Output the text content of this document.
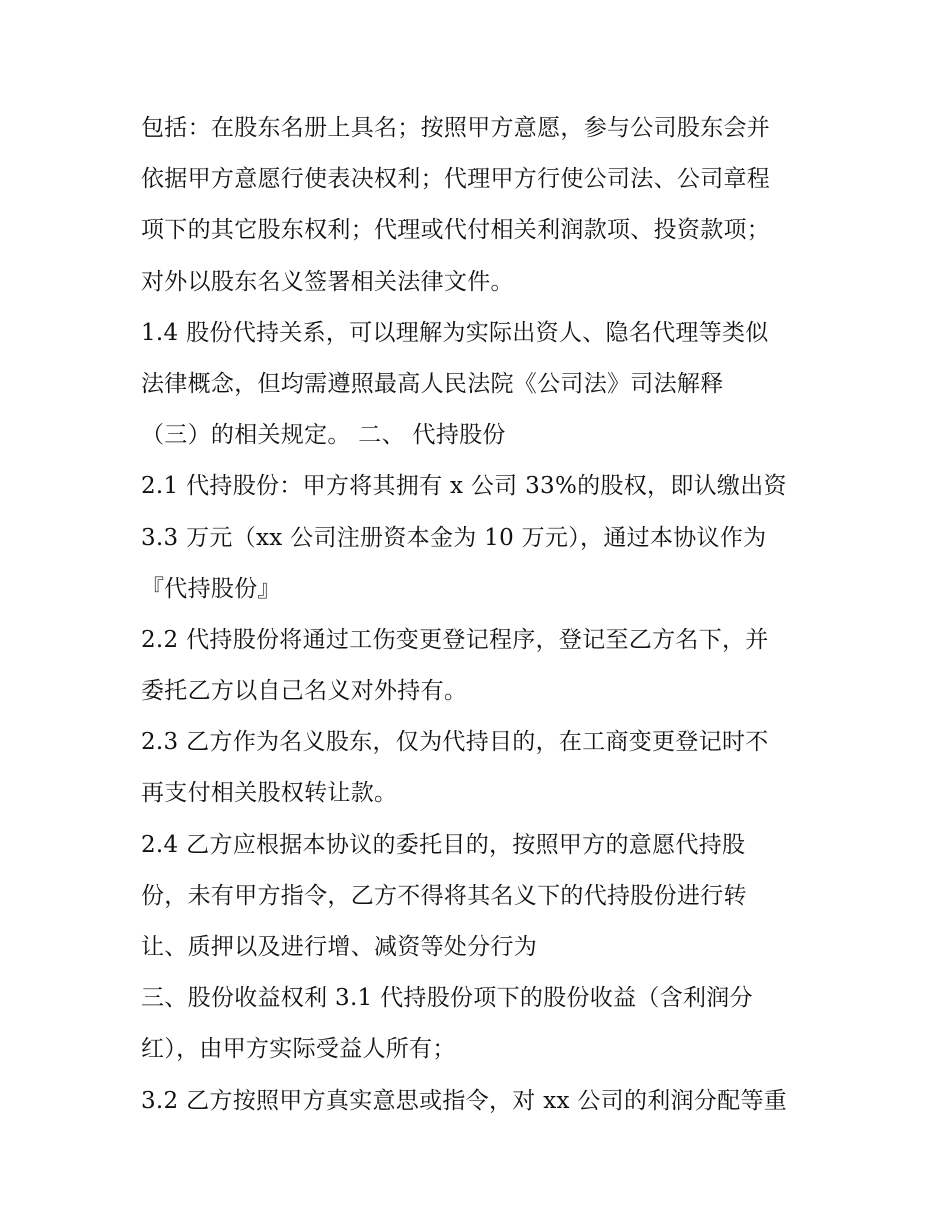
包括：在股东名册上具名；按照甲方意愿，参与公司股东会并
依据甲方意愿行使表决权利；代理甲方行使公司法、公司章程
项下的其它股东权利；代理或代付相关利润款项、投资款项；
对外以股东名义签署相关法律文件。
1.4 股份代持关系，可以理解为实际出资人、隐名代理等类似
法律概念，但均需遵照最高人民法院《公司法》司法解释
（三）的相关规定。 二、 代持股份
2.1 代持股份：甲方将其拥有 x 公司 33%的股权，即认缴出资
3.3 万元（xx 公司注册资本金为 10 万元），通过本协议作为
『代持股份』
2.2 代持股份将通过工伤变更登记程序，登记至乙方名下，并
委托乙方以自己名义对外持有。
2.3 乙方作为名义股东，仅为代持目的，在工商变更登记时不
再支付相关股权转让款。
2.4 乙方应根据本协议的委托目的，按照甲方的意愿代持股
份，未有甲方指令，乙方不得将其名义下的代持股份进行转
让、质押以及进行增、减资等处分行为
三、股份收益权利 3.1 代持股份项下的股份收益（含利润分
红），由甲方实际受益人所有；
3.2 乙方按照甲方真实意思或指令，对 xx 公司的利润分配等重
